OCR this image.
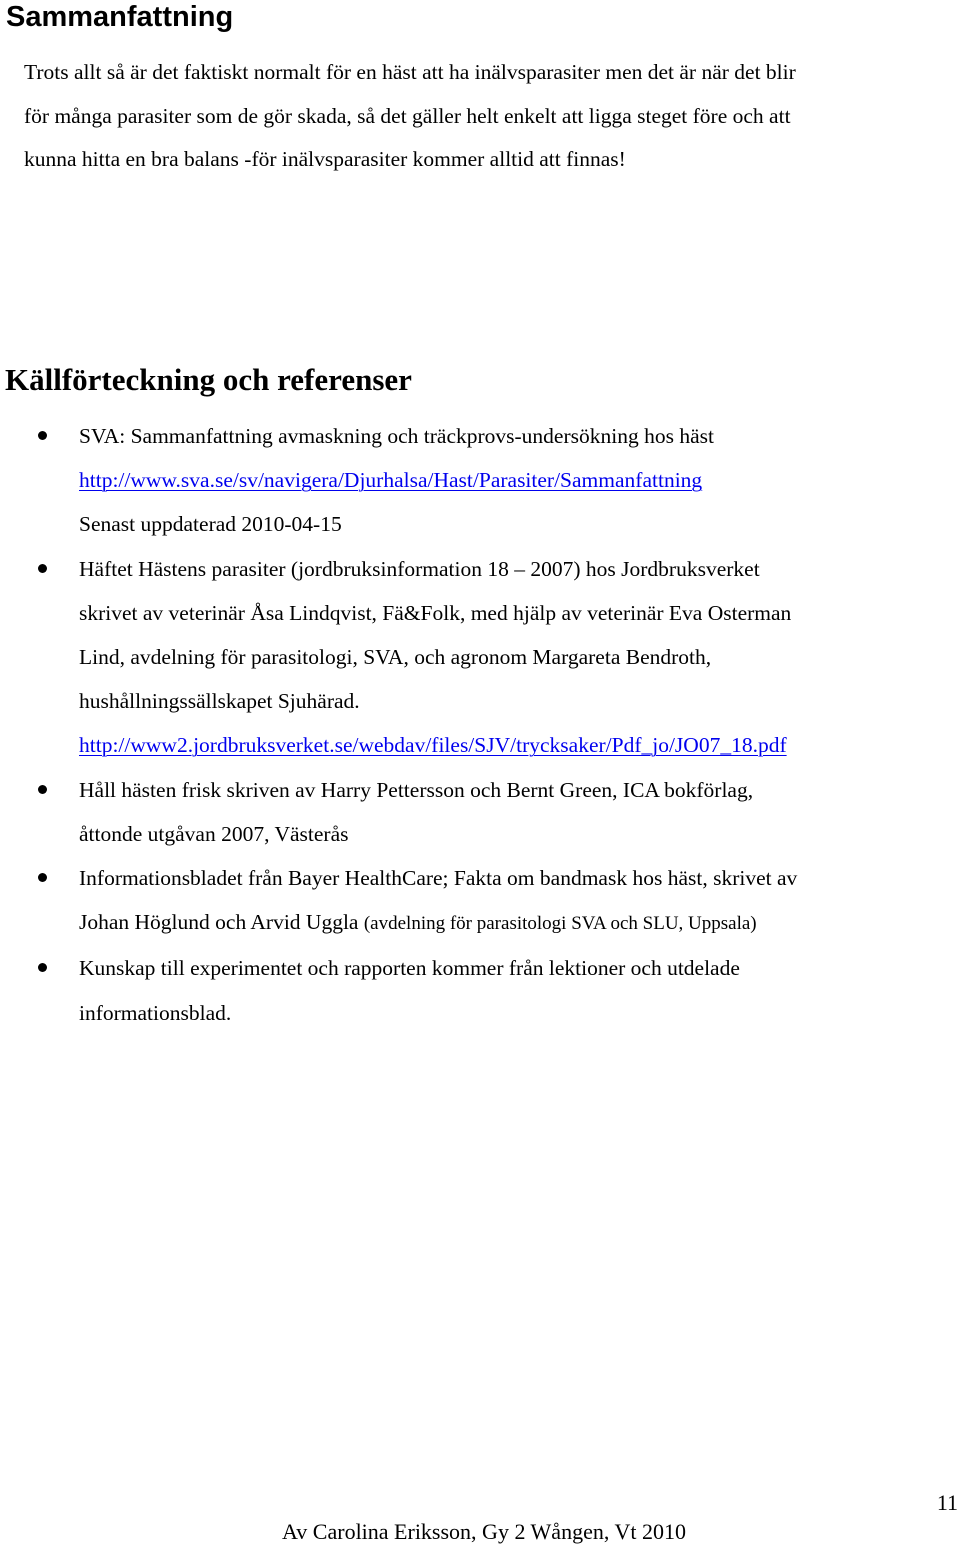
Sammanfattning

Trots allt så är det faktiskt normalt för en häst att ha inälvsparasiter men det är när det blir
för många parasiter som de gör skada, så det gäller helt enkelt att ligga steget före och att
kunna hitta en bra balans -för inälvsparasiter kommer alltid att finnas!

Källförteckning och referenser
SVA: Sammanfattning avmaskning och träckprovs-undersökning hos häst
http://www.sva.se/sv/navigera/Djurhalsa/Hast/Parasiter/Sammanfattning
Senast uppdaterad 2010-04-15
Häftet Hästens parasiter (jordbruksinformation 18 – 2007) hos Jordbruksverket
skrivet av veterinär Åsa Lindqvist, Fä&Folk, med hjälp av veterinär Eva Osterman
Lind, avdelning för parasitologi, SVA, och agronom Margareta Bendroth,
hushållningssällskapet Sjuhärad.
http://www2.jordbruksverket.se/webdav/files/SJV/trycksaker/Pdf_jo/JO07_18.pdf
Håll hästen frisk skriven av Harry Pettersson och Bernt Green, ICA bokförlag,
åttonde utgåvan 2007, Västerås
Informationsbladet från Bayer HealthCare; Fakta om bandmask hos häst, skrivet av
Johan Höglund och Arvid Uggla (avdelning för parasitologi SVA och SLU, Uppsala)
Kunskap till experimentet och rapporten kommer från lektioner och utdelade
informationsblad.
11
Av Carolina Eriksson, Gy 2 Wången, Vt 2010
